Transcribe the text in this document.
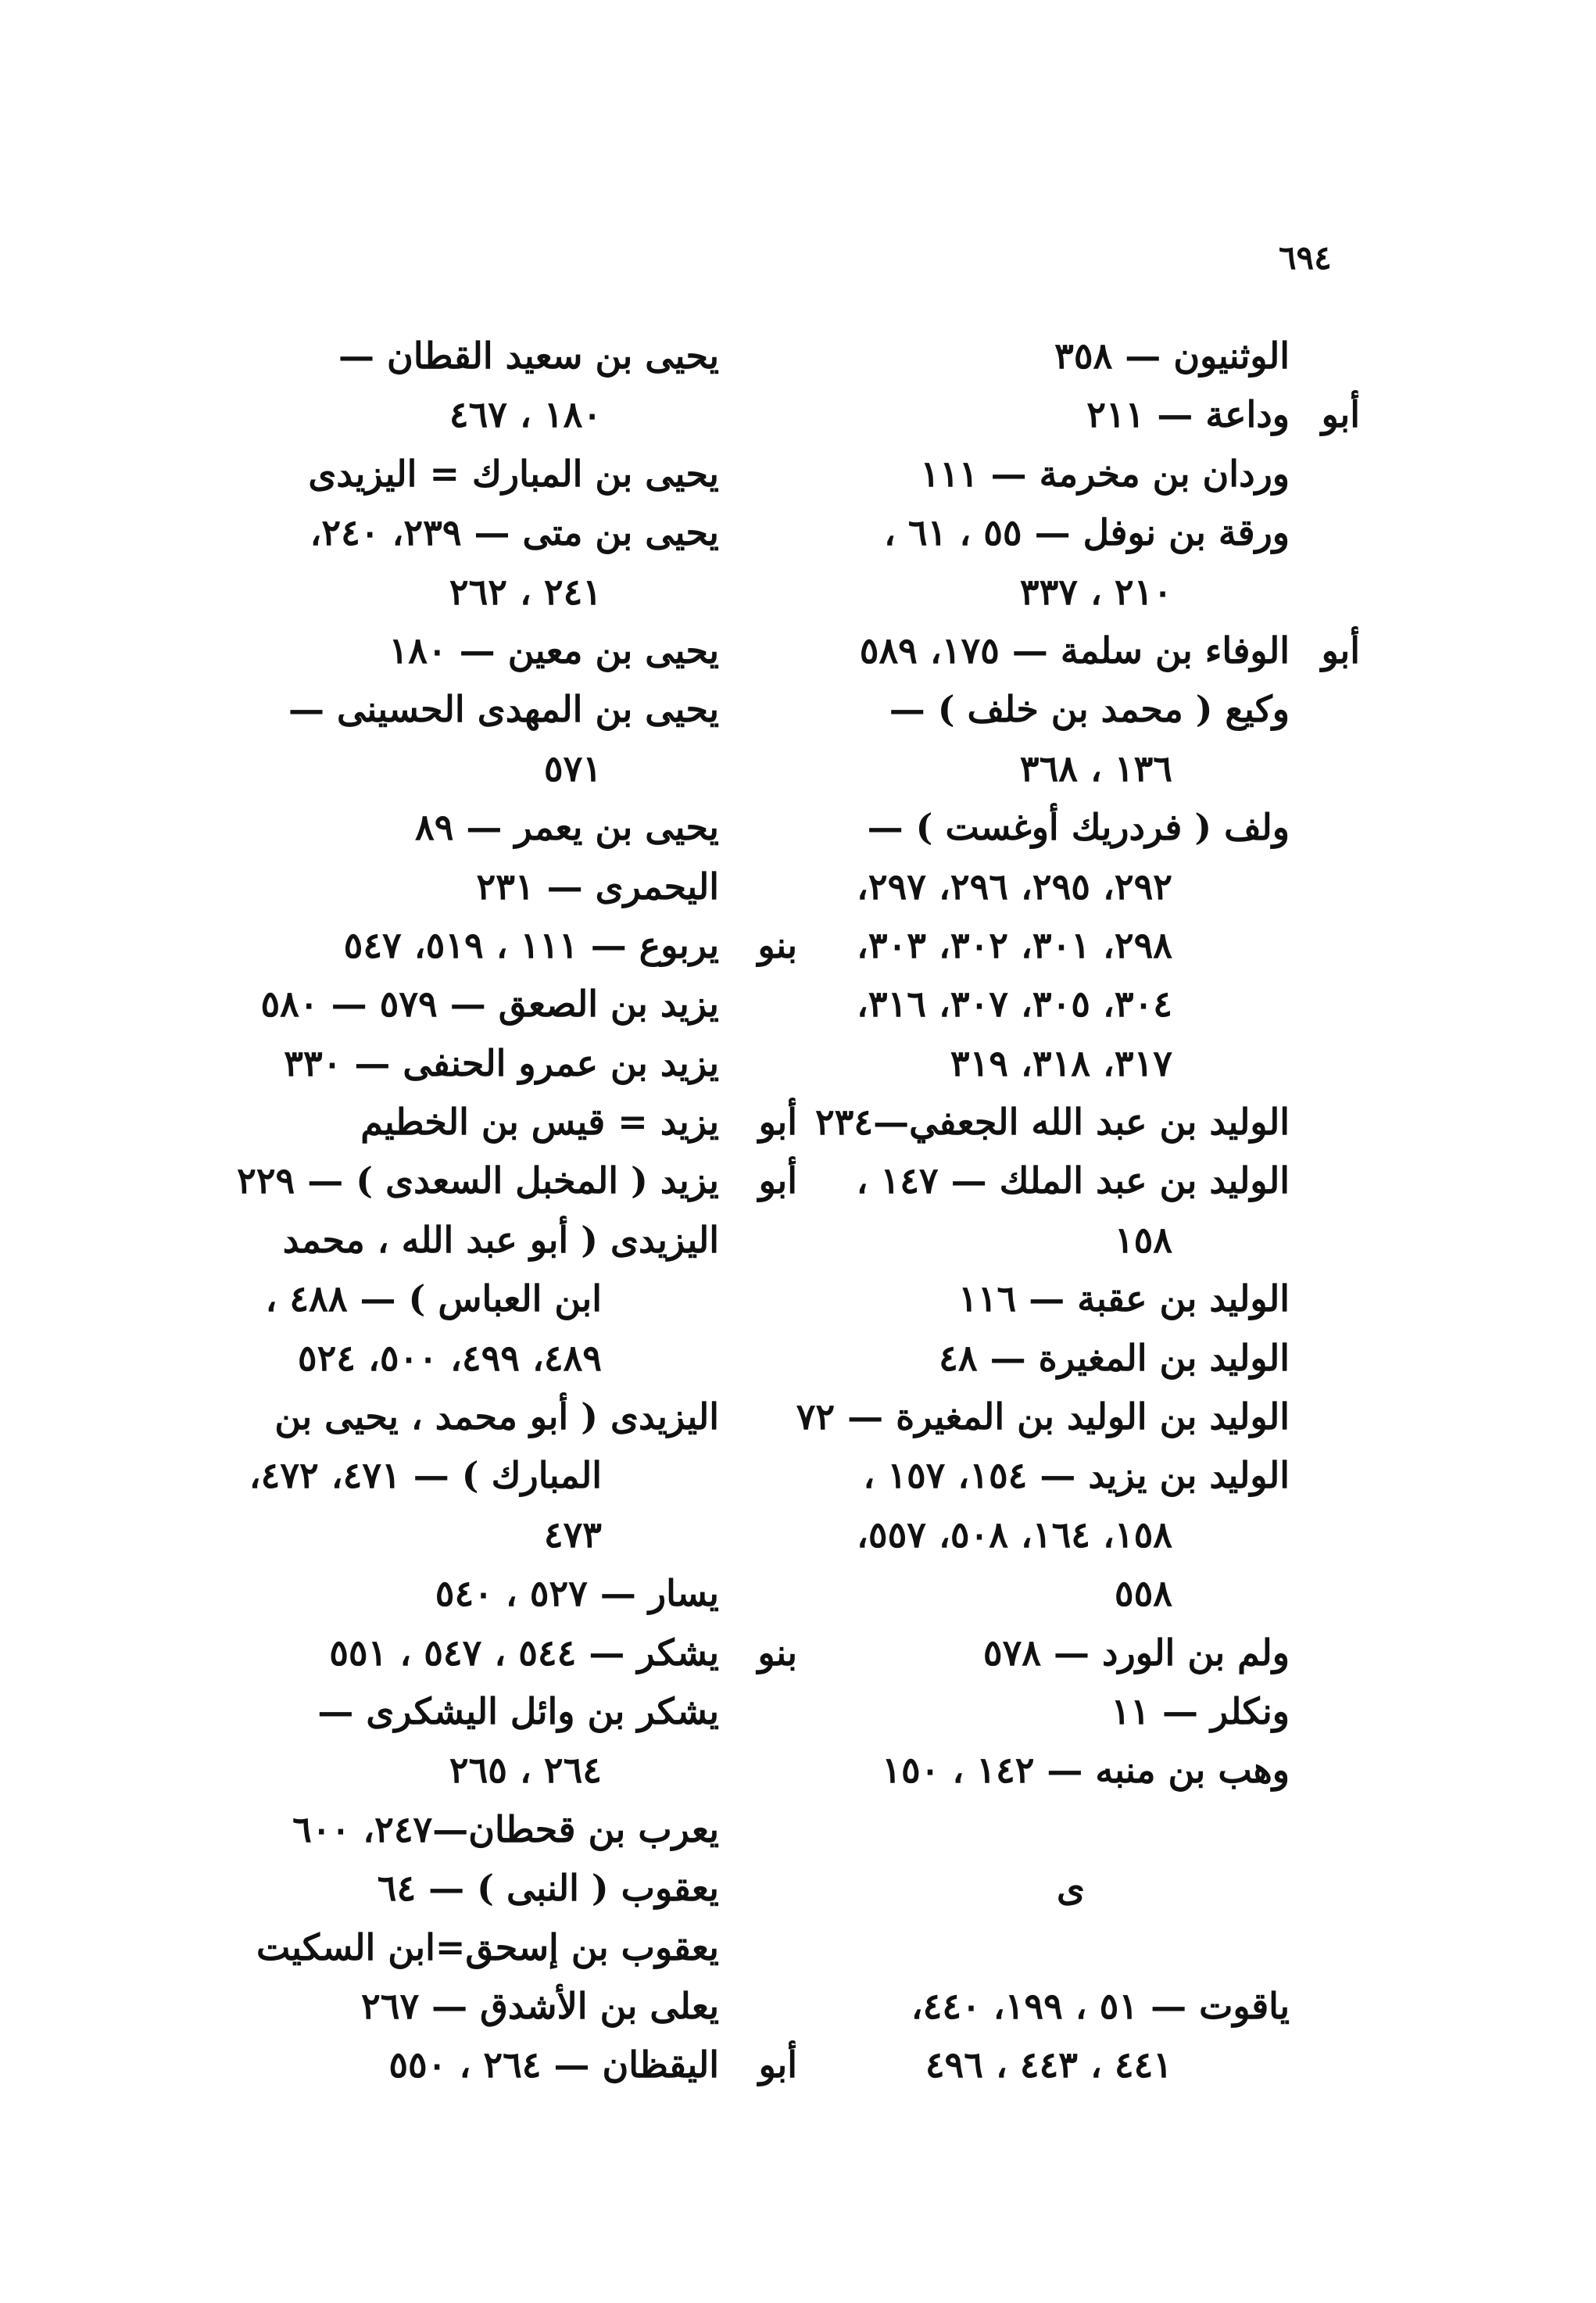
٦٩٤
الوثنيون — ٣٥٨
أبو
وداعة — ٢١١
وردان بن مخرمة — ١١١
ورقة بن نوفل — ٥٥ ، ٦١ ،
٢١٠ ، ٣٣٧
أبو
الوفاء بن سلمة — ١٧٥، ٥٨٩
وكيع ( محمد بن خلف ) —
١٣٦ ، ٣٦٨
ولف ( فردريك أوغست ) —
٢٩٢، ٢٩٥، ٢٩٦، ٢٩٧،
٢٩٨، ٣٠١، ٣٠٢، ٣٠٣،
٣٠٤، ٣٠٥، ٣٠٧، ٣١٦،
٣١٧، ٣١٨، ٣١٩
الوليد بن عبد الله الجعفي—٢٣٤
الوليد بن عبد الملك — ١٤٧ ،
١٥٨
الوليد بن عقبة — ١١٦
الوليد بن المغيرة — ٤٨
الوليد بن الوليد بن المغيرة — ٧٢
الوليد بن يزيد — ١٥٤، ١٥٧ ،
١٥٨، ١٦٤، ٥٠٨، ٥٥٧،
٥٥٨
ولم بن الورد — ٥٧٨
ونكلر — ١١
وهب بن منبه — ١٤٢ ، ١٥٠
ى
ياقوت — ٥١ ، ١٩٩، ٤٤٠،
٤٤١ ، ٤٤٣ ، ٤٩٦
يحيى بن سعيد القطان —
١٨٠ ، ٤٦٧
يحيى بن المبارك = اليزيدى
يحيى بن متى — ٢٣٩، ٢٤٠،
٢٤١ ، ٢٦٢
يحيى بن معين — ١٨٠
يحيى بن المهدى الحسينى —
٥٧١
يحيى بن يعمر — ٨٩
اليحمرى — ٢٣١
بنو
يربوع — ١١١ ، ٥١٩، ٥٤٧
يزيد بن الصعق — ٥٧٩ — ٥٨٠
يزيد بن عمرو الحنفى — ٣٣٠
أبو
يزيد = قيس بن الخطيم
أبو
يزيد ( المخبل السعدى ) — ٢٢٩
اليزيدى ( أبو عبد الله ، محمد
ابن العباس ) — ٤٨٨ ،
٤٨٩، ٤٩٩، ٥٠٠، ٥٢٤
اليزيدى ( أبو محمد ، يحيى بن
المبارك ) — ٤٧١، ٤٧٢،
٤٧٣
يسار — ٥٢٧ ، ٥٤٠
بنو
يشكر — ٥٤٤ ، ٥٤٧ ، ٥٥١
يشكر بن وائل اليشكرى —
٢٦٤ ، ٢٦٥
يعرب بن قحطان—٢٤٧، ٦٠٠
يعقوب ( النبى ) — ٦٤
يعقوب بن إسحق=ابن السكيت
يعلى بن الأشدق — ٢٦٧
أبو
اليقظان — ٢٦٤ ، ٥٥٠
